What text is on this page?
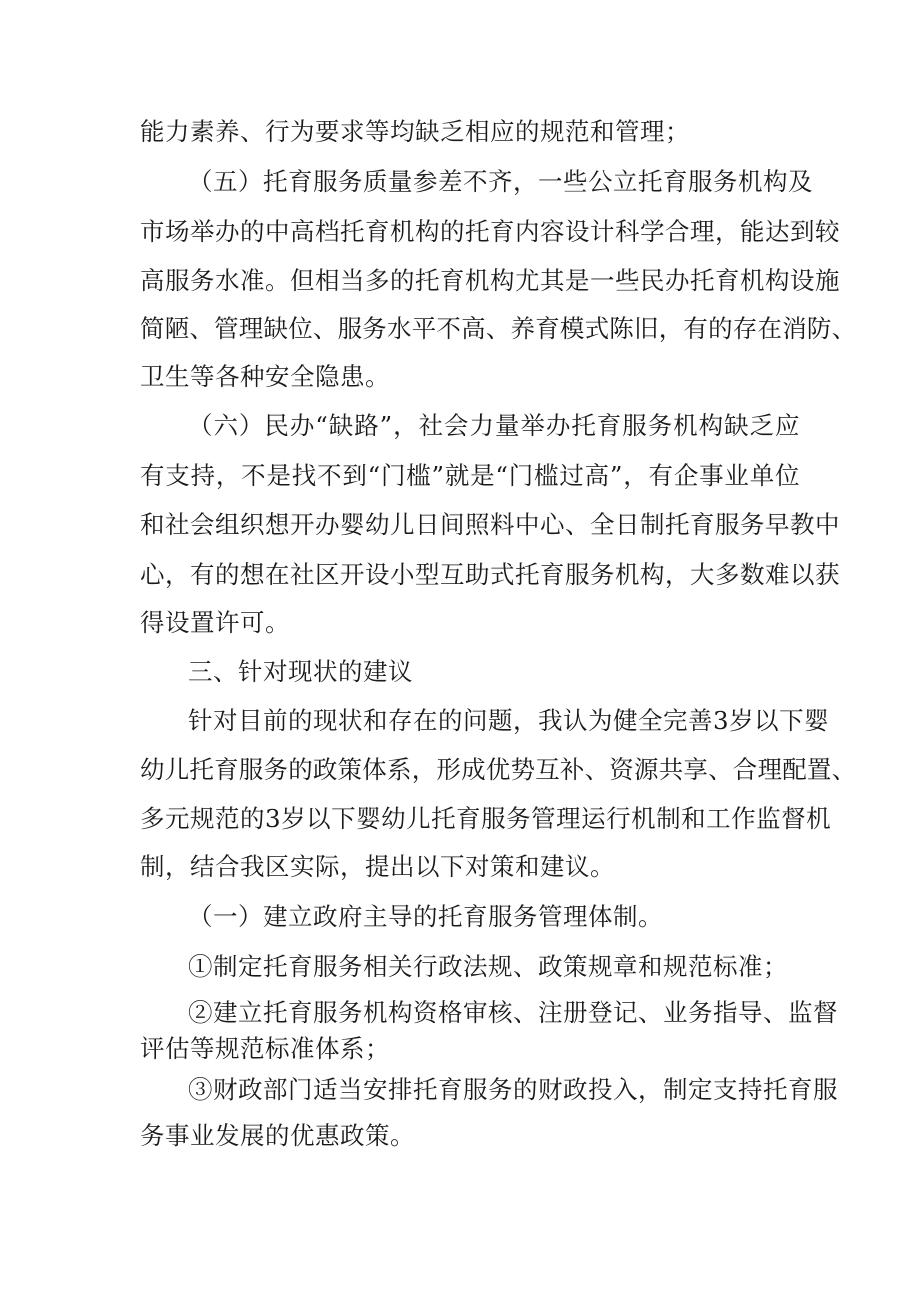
能力素养、行为要求等均缺乏相应的规范和管理；
（五）托育服务质量参差不齐，一些公立托育服务机构及
市场举办的中高档托育机构的托育内容设计科学合理，能达到较
高服务水准。但相当多的托育机构尤其是一些民办托育机构设施
简陋、管理缺位、服务水平不高、养育模式陈旧，有的存在消防、
卫生等各种安全隐患。
（六）民办“缺路”，社会力量举办托育服务机构缺乏应
有支持，不是找不到“门槛”就是“门槛过高”，有企事业单位
和社会组织想开办婴幼儿日间照料中心、全日制托育服务早教中
心，有的想在社区开设小型互助式托育服务机构，大多数难以获
得设置许可。
三、针对现状的建议
针对目前的现状和存在的问题，我认为健全完善3岁以下婴
幼儿托育服务的政策体系，形成优势互补、资源共享、合理配置、
多元规范的3岁以下婴幼儿托育服务管理运行机制和工作监督机
制，结合我区实际，提出以下对策和建议。
（一）建立政府主导的托育服务管理体制。
①制定托育服务相关行政法规、政策规章和规范标准；
②建立托育服务机构资格审核、注册登记、业务指导、监督
评估等规范标准体系；
③财政部门适当安排托育服务的财政投入，制定支持托育服
务事业发展的优惠政策。
